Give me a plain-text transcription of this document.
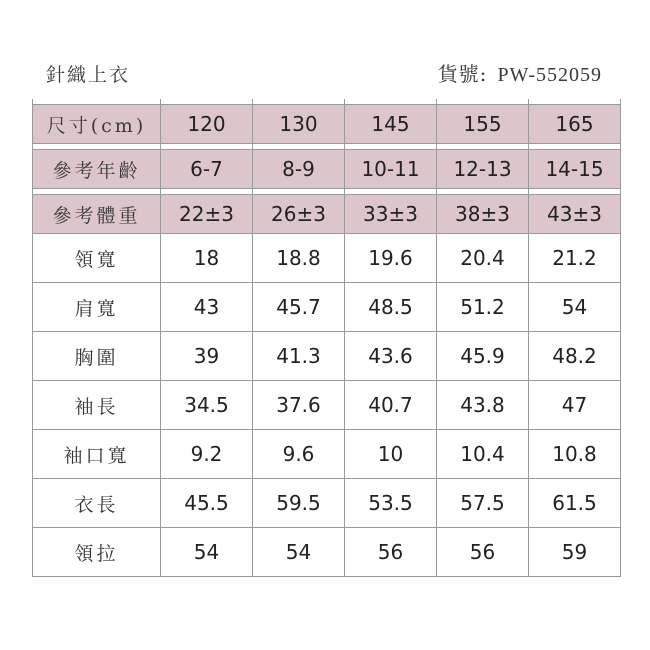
針織上衣	貨號: PW-552059

尺寸(cm)	120	130	145	155	165

參考年齡	6-7	8-9	10-11	12-13	14-15

參考體重	22±3	26±3	33±3	38±3	43±3
領寬	18	18.8	19.6	20.4	21.2
肩寬	43	45.7	48.5	51.2	54
胸圍	39	41.3	43.6	45.9	48.2
袖長	34.5	37.6	40.7	43.8	47
袖口寬	9.2	9.6	10	10.4	10.8
衣長	45.5	59.5	53.5	57.5	61.5
領拉	54	54	56	56	59
